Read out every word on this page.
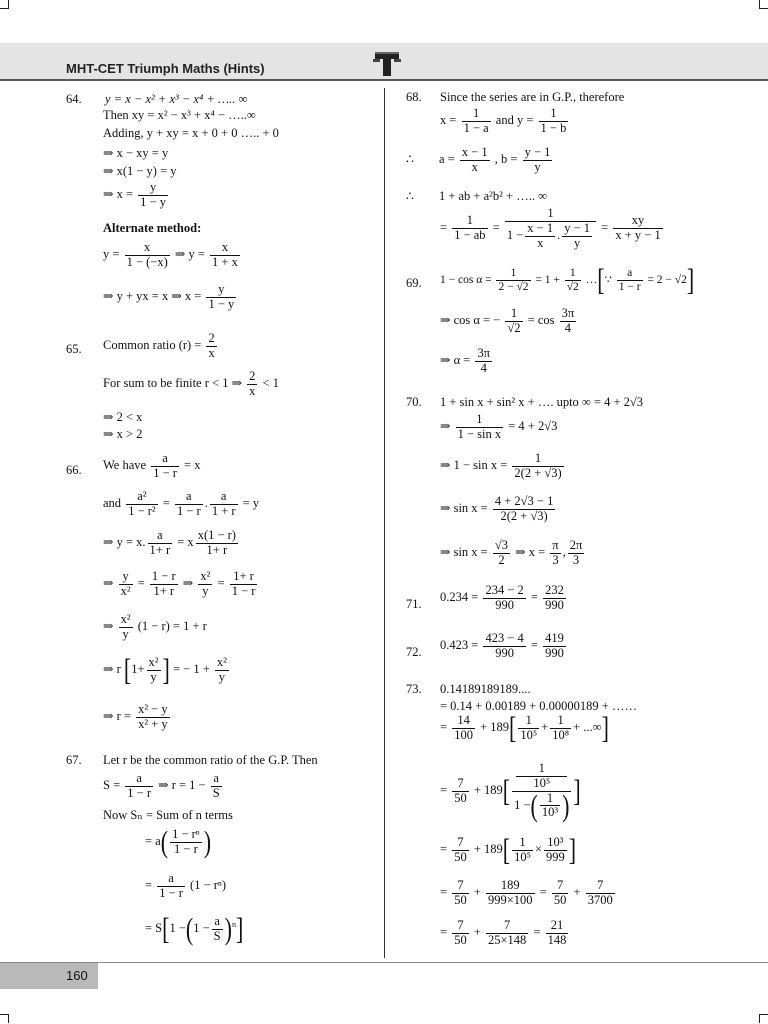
MHT-CET Triumph Maths (Hints)
64. y = x − x² + x³ − x⁴ + ….. ∞
Then xy = x² − x³ + x⁴ − …..∞
Adding, y + xy = x + 0 + 0 ….. + 0
⇒ x − xy = y
⇒ x(1 − y) = y
⇒ $x = \frac{y}{1 - y}$
Alternate method:
$y = \frac{x}{1 - (-x)}$ ⇒ $y = \frac{x}{1 + x}$
⇒ y + yx = x ⇒ $x = \frac{y}{1 - y}$
65. Common ratio $(r) = \frac{2}{x}$
For sum to be finite r < 1 ⇒ $\frac{2}{x} < 1$
⇒ 2 < x
⇒ x > 2
66. We have $\frac{a}{1 - r} = x$
and $\frac{\text{a²}}{\text{1 − r²}} = \frac{a}{1 - r}$ . $\frac{a}{1 + r} = y$
⇒ y = x. $\frac{a}{1+ r} = x \frac{x(1 - r)}{1+ r}$
⇒ $\frac{y}{\text{x²}} = \frac{1 - r}{1+ r}$ ⇒ $\frac{\text{x²}}{y} = \frac{1+ r}{1 - r}$
⇒ $\frac{\text{x²}}{y} (1 - r) = 1 + r$
⇒ r [$1+ \frac{\text{x²}}{y}$ ] = − $1 + \frac{\text{x²}}{y}$
⇒ $r = \frac{\text{x² − y}}{\text{x² + y}}$
67. Let r be the common ratio of the G.P. Then
$S = \frac{a}{1 - r}$ ⇒ $r = 1 - \frac{a}{S}$
Now Sₙ = Sum of n terms
= $a( \frac{\text{1 − rⁿ}}{1 - r}$ )
= $\frac{a}{1 - r} (1 - r^n)$
= $S[1 -(1 - \frac{a}{S} )^n]$
68. Since the series are in G.P., therefore
$x = \frac{1}{1 - a}$ and $y = \frac{1}{1 - b}$
∴ $a = \frac{x - 1}{x}$ , $b = \frac{y - 1}{y}$
∴ 1 + ab + a²b² + ….. ∞
= $\frac{1}{1 - ab} = \frac{1}{1 - \frac{x - 1}{x} . \frac{y - 1}{y}} = \frac{xy}{x + y - 1}$
69. $1 - \cos \alpha = \frac{1}{2 - √2} = 1 + \frac{1}{√2}$ …[∵ $\frac{a}{1 - r} = 2 - √2$]
⇒ cos α = − $\frac{1}{√2} = \cos \frac{3\pi}{4}$
⇒ $\alpha = \frac{3\pi}{4}$
70. 1 + sin x + sin² x + …. upto ∞ = 4 + 2√3
⇒ $\frac{1}{\text{1 − sin x}} = 4 + 2√3$
⇒ $1 - \sin x = \frac{1}{2(2 + √3)}$
⇒ $\sin x = \frac{4 + 2√3 - 1}{2(2 + √3)}$
⇒ $\sin x = \frac{√3}{2}$ ⇒ $x = \frac{\pi}{3}$ , $\frac{2\pi}{3}$
71. $0.234 = \frac{234 - 2}{990} = \frac{232}{990}$
72. $0.423 = \frac{423 - 4}{990} = \frac{419}{990}$
73. 0.14189189189....
= 0.14 + 0.00189 + 0.00000189 + ……
= $\frac{14}{100} + 189[ \frac{1}{\text{10⁵}} + \frac{1}{\text{10⁸}}$ + ...∞]
= $\frac{7}{50} + 189$[ 1
10⁵
1 −( $\frac{1}{\text{10³}}$ ) ]
= $\frac{7}{50} + 189[ \frac{1}{\text{10⁵}} \times \frac{\text{10³}}{999}$ ]
= $\frac{7}{50} + \frac{189}{999\times 100} = \frac{7}{50} + \frac{7}{3700}$
= $\frac{7}{50} + \frac{7}{25\times 148} = \frac{21}{148}$
160
